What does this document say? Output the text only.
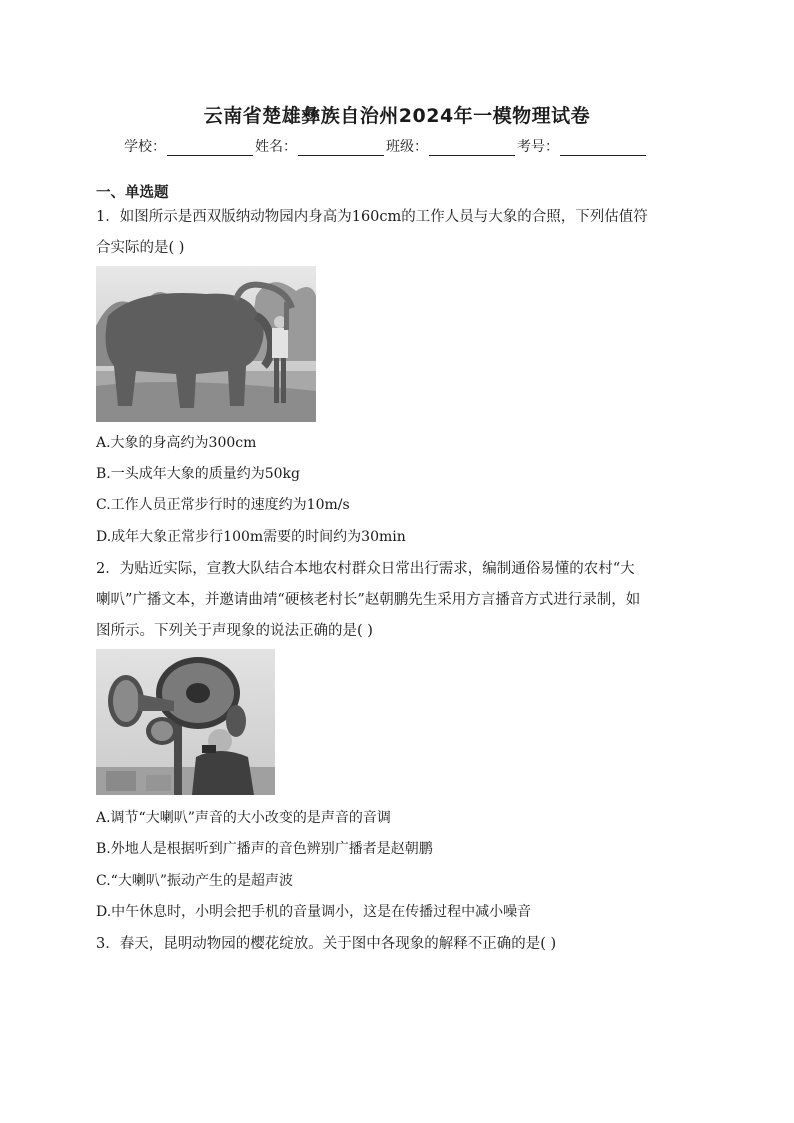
云南省楚雄彝族自治州2024年一模物理试卷
学校：	姓名：	班级：	考号：
一、单选题
1．如图所示是西双版纳动物园内身高为160cm的工作人员与大象的合照，下列估值符
合实际的是( )
A.大象的身高约为300cm
B.一头成年大象的质量约为50kg
C.工作人员正常步行时的速度约为10m/s
D.成年大象正常步行100m需要的时间约为30min
2．为贴近实际，宣教大队结合本地农村群众日常出行需求，编制通俗易懂的农村“大
喇叭”广播文本，并邀请曲靖“硬核老村长”赵朝鹏先生采用方言播音方式进行录制，如
图所示。下列关于声现象的说法正确的是( )
A.调节“大喇叭”声音的大小改变的是声音的音调
B.外地人是根据听到广播声的音色辨别广播者是赵朝鹏
C.“大喇叭”振动产生的是超声波
D.中午休息时，小明会把手机的音量调小，这是在传播过程中减小噪音
3．春天，昆明动物园的樱花绽放。关于图中各现象的解释不正确的是( )
